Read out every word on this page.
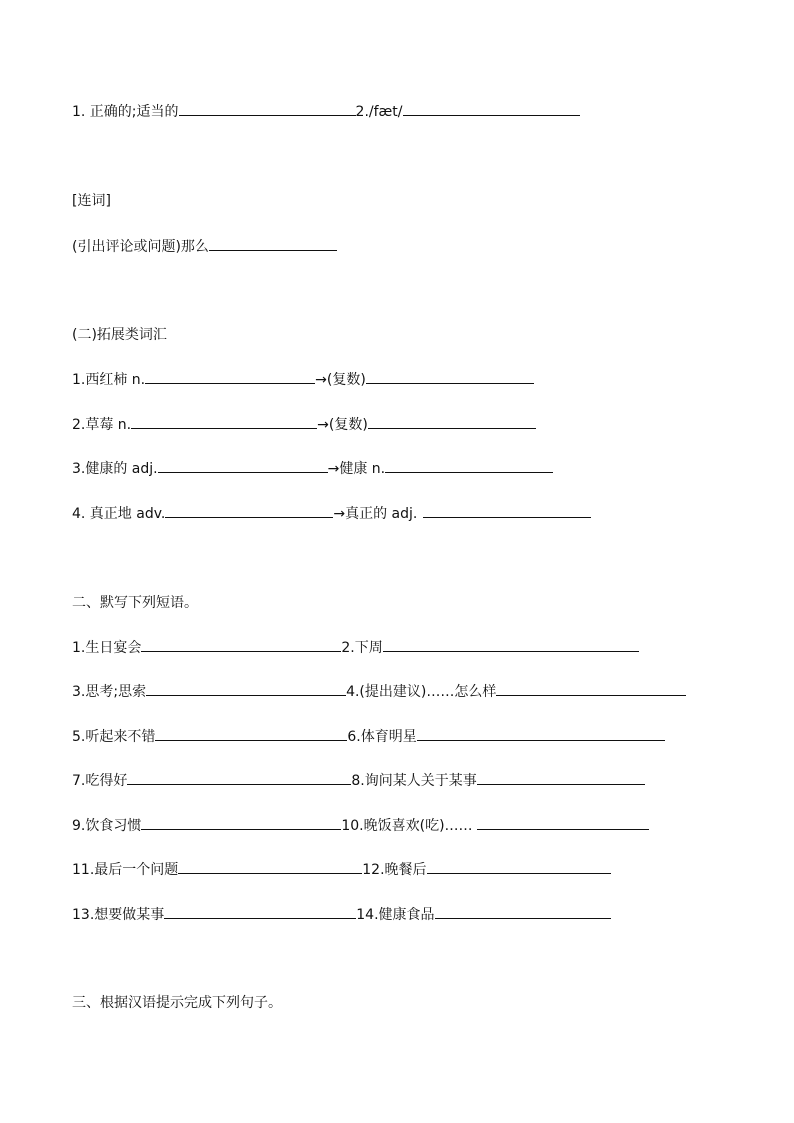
1. 正确的;适当的	2./fæt/
[连词]
(引出评论或问题)那么
(二)拓展类词汇
1.西红柿 n.	→(复数)
2.草莓 n.	→(复数)
3.健康的 adj.	→健康 n.
4. 真正地 adv.	→真正的 adj.
二、默写下列短语。
1.生日宴会	2.下周
3.思考;思索	4.(提出建议)……怎么样
5.听起来不错	6.体育明星
7.吃得好	8.询问某人关于某事
9.饮食习惯	10.晚饭喜欢(吃)……
11.最后一个问题	12.晚餐后
13.想要做某事	14.健康食品
三、根据汉语提示完成下列句子。
